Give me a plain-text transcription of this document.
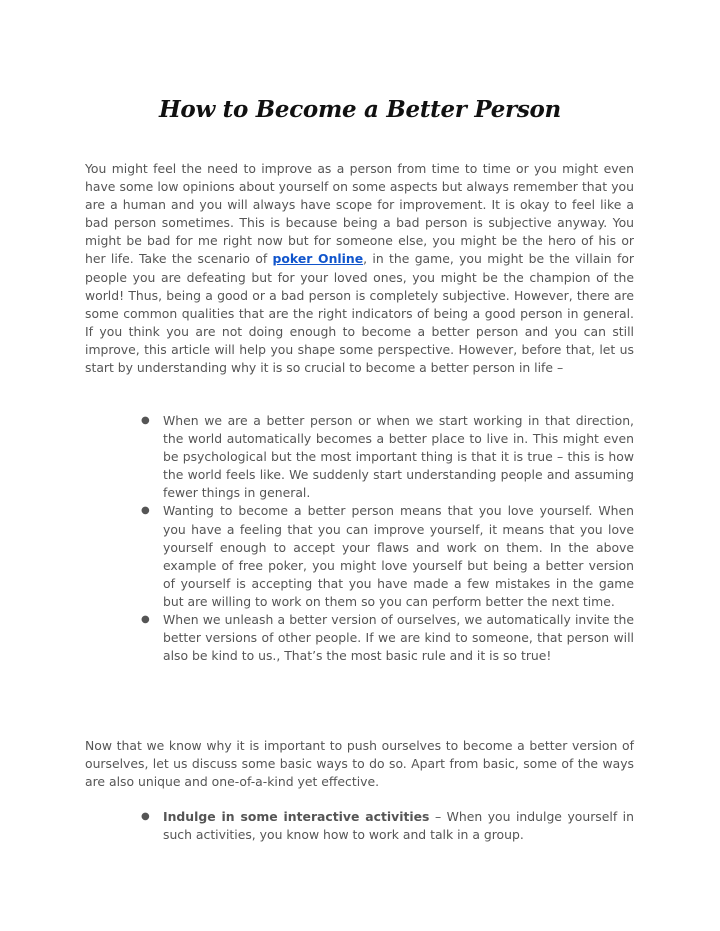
How to Become a Better Person

You might feel the need to improve as a person from time to time or you might even have some low opinions about yourself on some aspects but always remember that you are a human and you will always have scope for improvement. It is okay to feel like a bad person sometimes. This is because being a bad person is subjective anyway. You might be bad for me right now but for someone else, you might be the hero of his or her life. Take the scenario of poker Online, in the game, you might be the villain for people you are defeating but for your loved ones, you might be the champion of the world! Thus, being a good or a bad person is completely subjective. However, there are some common qualities that are the right indicators of being a good person in general. If you think you are not doing enough to become a better person and you can still improve, this article will help you shape some perspective. However, before that, let us start by understanding why it is so crucial to become a better person in life –

● When we are a better person or when we start working in that direction, the world automatically becomes a better place to live in. This might even be psychological but the most important thing is that it is true – this is how the world feels like. We suddenly start understanding people and assuming fewer things in general.
● Wanting to become a better person means that you love yourself. When you have a feeling that you can improve yourself, it means that you love yourself enough to accept your flaws and work on them. In the above example of free poker, you might love yourself but being a better version of yourself is accepting that you have made a few mistakes in the game but are willing to work on them so you can perform better the next time.
● When we unleash a better version of ourselves, we automatically invite the better versions of other people. If we are kind to someone, that person will also be kind to us., That’s the most basic rule and it is so true!

Now that we know why it is important to push ourselves to become a better version of ourselves, let us discuss some basic ways to do so. Apart from basic, some of the ways are also unique and one-of-a-kind yet effective.

● Indulge in some interactive activities – When you indulge yourself in such activities, you know how to work and talk in a group.
